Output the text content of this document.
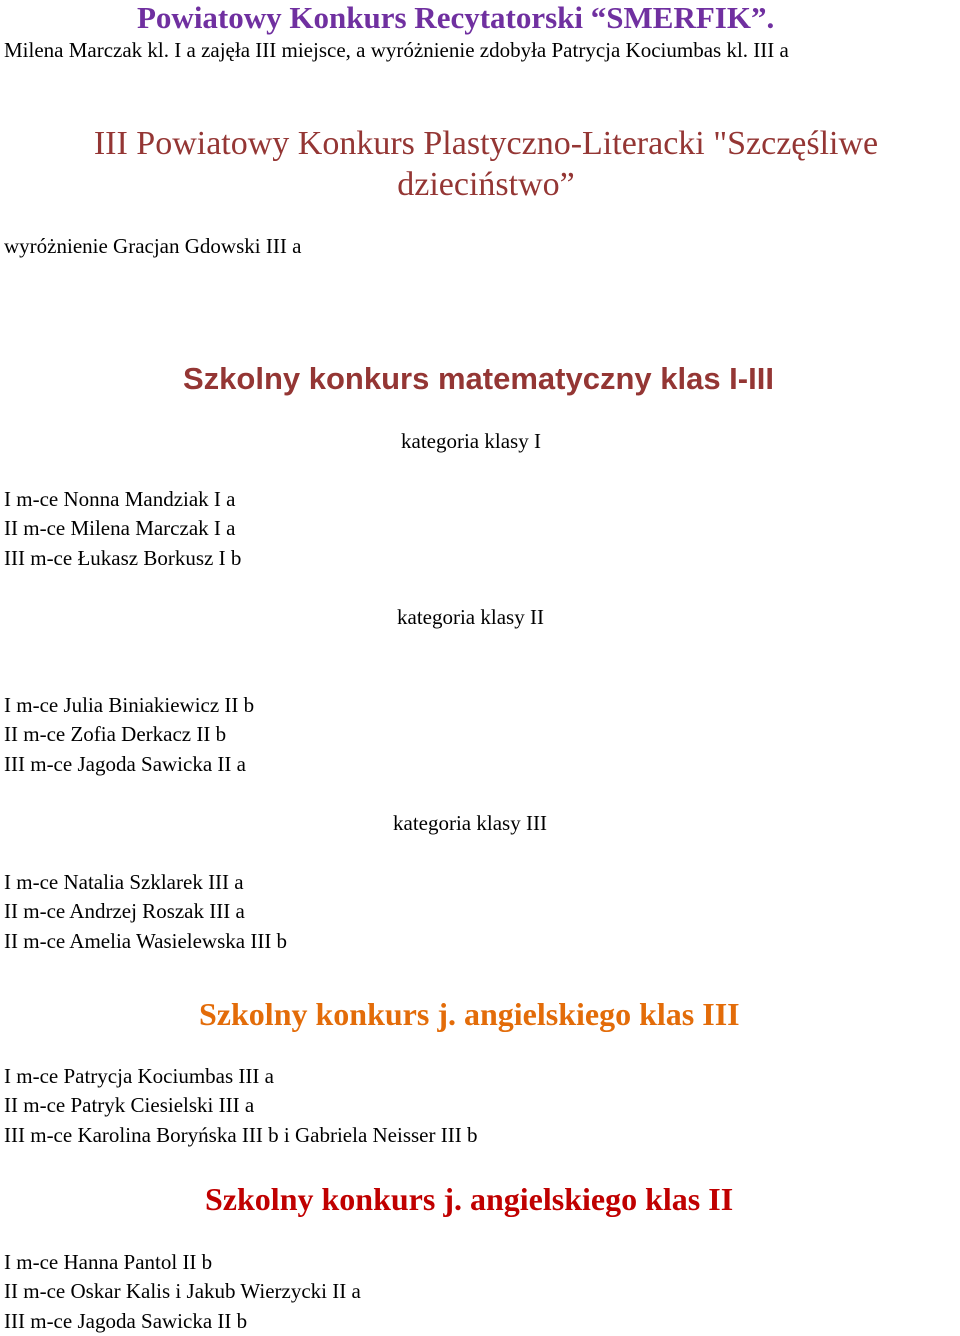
Powiatowy Konkurs Recytatorski “SMERFIK”.
Milena Marczak kl. I a zajęła III miejsce, a wyróżnienie zdobyła Patrycja Kociumbas kl. III a
III Powiatowy Konkurs Plastyczno-Literacki "Szczęśliwe
dzieciństwo”
wyróżnienie Gracjan Gdowski III a
Szkolny konkurs matematyczny klas I-III
kategoria klasy I
I m-ce Nonna Mandziak I a
II m-ce Milena Marczak I a
III m-ce Łukasz Borkusz I b
kategoria klasy II
I m-ce Julia Biniakiewicz II b
II m-ce Zofia Derkacz II b
III m-ce Jagoda Sawicka II a
kategoria klasy III
I m-ce Natalia Szklarek III a
II m-ce Andrzej Roszak III a
II m-ce Amelia Wasielewska III b
Szkolny konkurs j. angielskiego klas III
I m-ce Patrycja Kociumbas III a
II m-ce Patryk Ciesielski III a
III m-ce Karolina Boryńska III b i Gabriela Neisser III b
Szkolny konkurs j. angielskiego klas II
I m-ce Hanna Pantol II b
II m-ce Oskar Kalis i Jakub Wierzycki II a
III m-ce Jagoda Sawicka II b
